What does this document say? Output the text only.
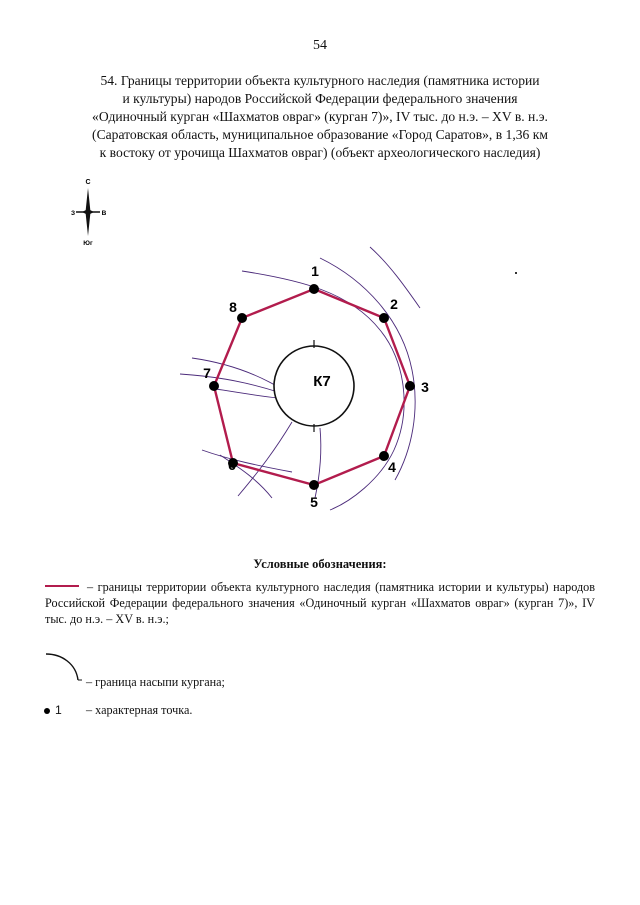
54
54. Границы территории объекта культурного наследия (памятника истории
и культуры) народов Российской Федерации федерального значения
«Одиночный курган «Шахматов овраг» (курган 7)», IV тыс. до н.э. – XV в. н.э.
(Саратовская область, муниципальное образование «Город Саратов», в 1,36 км
к востоку от урочища Шахматов овраг) (объект археологического наследия)
С
З	В
Юг
К7
1
2
3
4
5
6
7
8
Условные обозначения:
– границы территории объекта культурного наследия (памятника истории и культуры) народов Российской Федерации федерального значения «Одиночный курган «Шахматов овраг» (курган 7)», IV тыс. до н.э. – XV в. н.э.;
– граница насыпи кургана;
1 – характерная точка.
